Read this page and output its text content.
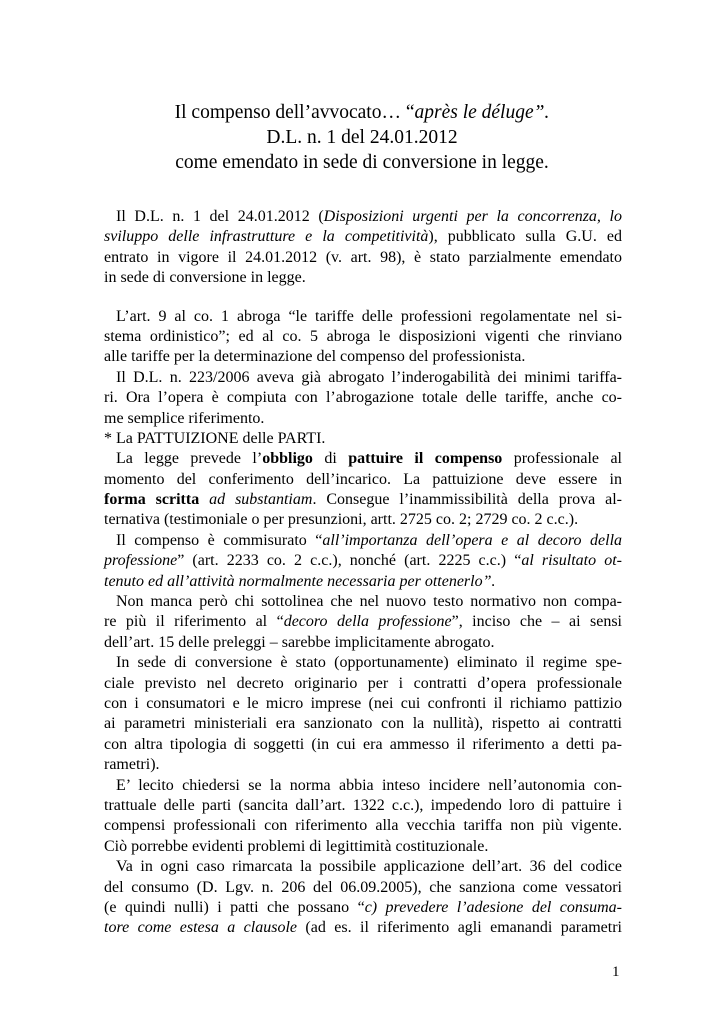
Il compenso dell’avvocato… “après le déluge”.
D.L. n. 1 del 24.01.2012
come emendato in sede di conversione in legge.
Il D.L. n. 1 del 24.01.2012 (Disposizioni urgenti per la concorrenza, lo
sviluppo delle infrastrutture e la competitività), pubblicato sulla G.U. ed
entrato in vigore il 24.01.2012 (v. art. 98), è stato parzialmente emendato
in sede di conversione in legge.
L’art. 9 al co. 1 abroga “le tariffe delle professioni regolamentate nel si-
stema ordinistico”; ed al co. 5 abroga le disposizioni vigenti che rinviano
alle tariffe per la determinazione del compenso del professionista.
Il D.L. n. 223/2006 aveva già abrogato l’inderogabilità dei minimi tariffa-
ri. Ora l’opera è compiuta con l’abrogazione totale delle tariffe, anche co-
me semplice riferimento.
* La PATTUIZIONE delle PARTI.
La legge prevede l’obbligo di pattuire il compenso professionale al
momento del conferimento dell’incarico. La pattuizione deve essere in
forma scritta ad substantiam. Consegue l’inammissibilità della prova al-
ternativa (testimoniale o per presunzioni, artt. 2725 co. 2; 2729 co. 2 c.c.).
Il compenso è commisurato “all’importanza dell’opera e al decoro della
professione” (art. 2233 co. 2 c.c.), nonché (art. 2225 c.c.) “al risultato ot-
tenuto ed all’attività normalmente necessaria per ottenerlo”.
Non manca però chi sottolinea che nel nuovo testo normativo non compa-
re più il riferimento al “decoro della professione”, inciso che – ai sensi
dell’art. 15 delle preleggi – sarebbe implicitamente abrogato.
In sede di conversione è stato (opportunamente) eliminato il regime spe-
ciale previsto nel decreto originario per i contratti d’opera professionale
con i consumatori e le micro imprese (nei cui confronti il richiamo pattizio
ai parametri ministeriali era sanzionato con la nullità), rispetto ai contratti
con altra tipologia di soggetti (in cui era ammesso il riferimento a detti pa-
rametri).
E’ lecito chiedersi se la norma abbia inteso incidere nell’autonomia con-
trattuale delle parti (sancita dall’art. 1322 c.c.), impedendo loro di pattuire i
compensi professionali con riferimento alla vecchia tariffa non più vigente.
Ciò porrebbe evidenti problemi di legittimità costituzionale.
Va in ogni caso rimarcata la possibile applicazione dell’art. 36 del codice
del consumo (D. Lgv. n. 206 del 06.09.2005), che sanziona come vessatori
(e quindi nulli) i patti che possano “c) prevedere l’adesione del consuma-
tore come estesa a clausole (ad es. il riferimento agli emanandi parametri
1
